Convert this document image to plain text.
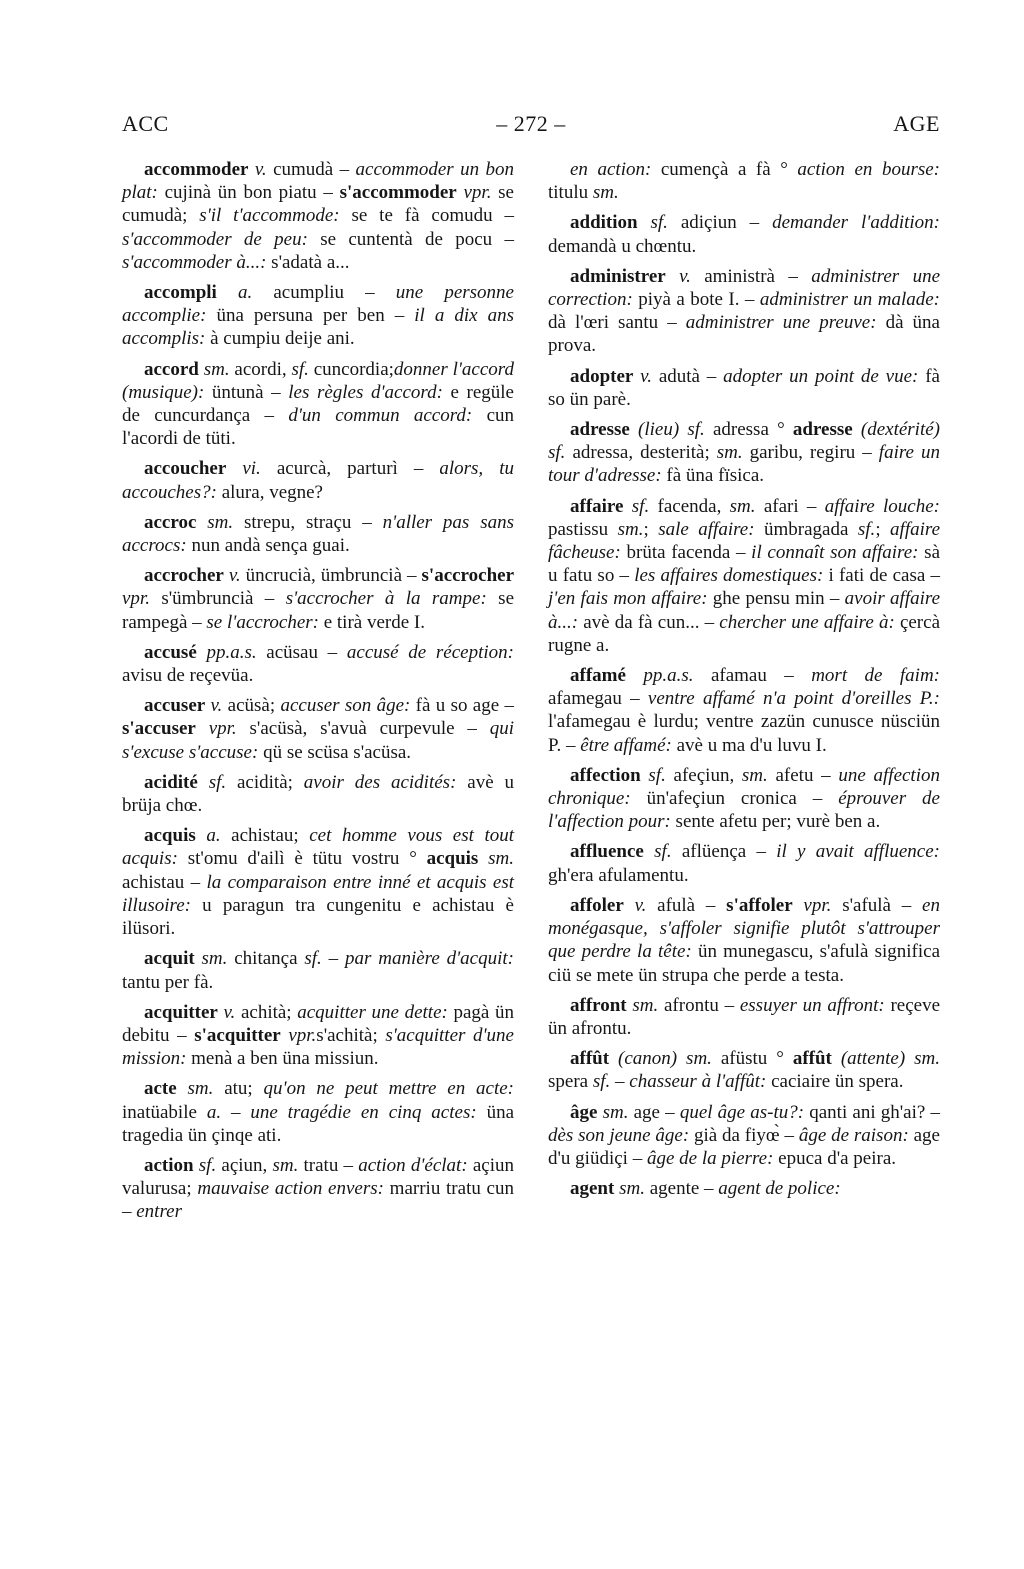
ACC	– 272 –	AGE

accommoder v. cumudà – accommoder un bon plat: cujinà ün bon piatu – s'accommoder vpr. se cumudà; s'il t'accommode: se te fà comudu – s'accommoder de peu: se cuntentà de pocu – s'accommoder à...: s'adatà a...

accompli a. acumpliu – une personne accomplie: üna persuna per ben – il a dix ans accomplis: à cumpiu deije ani.

accord sm. acordi, sf. cuncordia;donner l'accord (musique): üntunà – les règles d'accord: e regüle de cuncurdança – d'un commun accord: cun l'acordi de tüti.

accoucher vi. acurcà, parturì – alors, tu accouches?: alura, vegne?

accroc sm. strepu, straçu – n'aller pas sans accrocs: nun andà sença guai.

accrocher v. üncrucià, ümbruncià – s'accrocher vpr. s'ümbruncià – s'accrocher à la rampe: se rampegà – se l'accrocher: e tirà verde I.

accusé pp.a.s. acüsau – accusé de réception: avisu de reçevüa.

accuser v. acüsà; accuser son âge: fà u so age – s'accuser vpr. s'acüsà, s'avuà curpevule – qui s'excuse s'accuse: qü se scüsa s'acüsa.

acidité sf. acidità; avoir des acidités: avè u brüja chœ.

acquis a. achistau; cet homme vous est tout acquis: st'omu d'ailì è tütu vostru ° acquis sm. achistau – la comparaison entre inné et acquis est illusoire: u paragun tra cungenitu e achistau è ilüsori.

acquit sm. chitança sf. – par manière d'acquit: tantu per fà.

acquitter v. achità; acquitter une dette: pagà ün debitu – s'acquitter vpr.s'achità; s'acquitter d'une mission: menà a ben üna missiun.

acte sm. atu; qu'on ne peut mettre en acte: inatüabile a. – une tragédie en cinq actes: üna tragedia ün çinqe ati.

action sf. açiun, sm. tratu – action d'éclat: açiun valurusa; mauvaise action envers: marriu tratu cun – entrer

en action: cumençà a fà ° action en bourse: titulu sm.

addition sf. adiçiun – demander l'addition: demandà u chœntu.

administrer v. aministrà – administrer une correction: piyà a bote I. – administrer un malade: dà l'œri santu – administrer une preuve: dà üna prova.

adopter v. adutà – adopter un point de vue: fà so ün parè.

adresse (lieu) sf. adressa ° adresse (dextérité) sf. adressa, desterità; sm. garibu, regiru – faire un tour d'adresse: fà üna fïsica.

affaire sf. facenda, sm. afari – affaire louche: pastissu sm.; sale affaire: ümbragada sf.; affaire fâcheuse: brüta facenda – il connaît son affaire: sà u fatu so – les affaires domestiques: i fati de casa – j'en fais mon affaire: ghe pensu min – avoir affaire à...: avè da fà cun... – chercher une affaire à: çercà rugne a.

affamé pp.a.s. afamau – mort de faim: afamegau – ventre affamé n'a point d'oreilles P.: l'afamegau è lurdu; ventre zazün cunusce nüsciün P. – être affamé: avè u ma d'u luvu I.

affection sf. afeçiun, sm. afetu – une affection chronique: ün'afeçiun cronica – éprouver de l'affection pour: sente afetu per; vurè ben a.

affluence sf. aflüença – il y avait affluence: gh'era afulamentu.

affoler v. afulà – s'affoler vpr. s'afulà – en monégasque, s'affoler signifie plutôt s'attrouper que perdre la tête: ün munegascu, s'afulà significa ciü se mete ün strupa che perde a testa.

affront sm. afrontu – essuyer un affront: reçeve ün afrontu.

affût (canon) sm. afüstu ° affût (attente) sm. spera sf. – chasseur à l'affût: caciaire ün spera.

âge sm. age – quel âge as-tu?: qanti ani gh'ai? – dès son jeune âge: già da fiyœ̀ – âge de raison: age d'u giüdiçi – âge de la pierre: epuca d'a peira.

agent sm. agente – agent de police:
